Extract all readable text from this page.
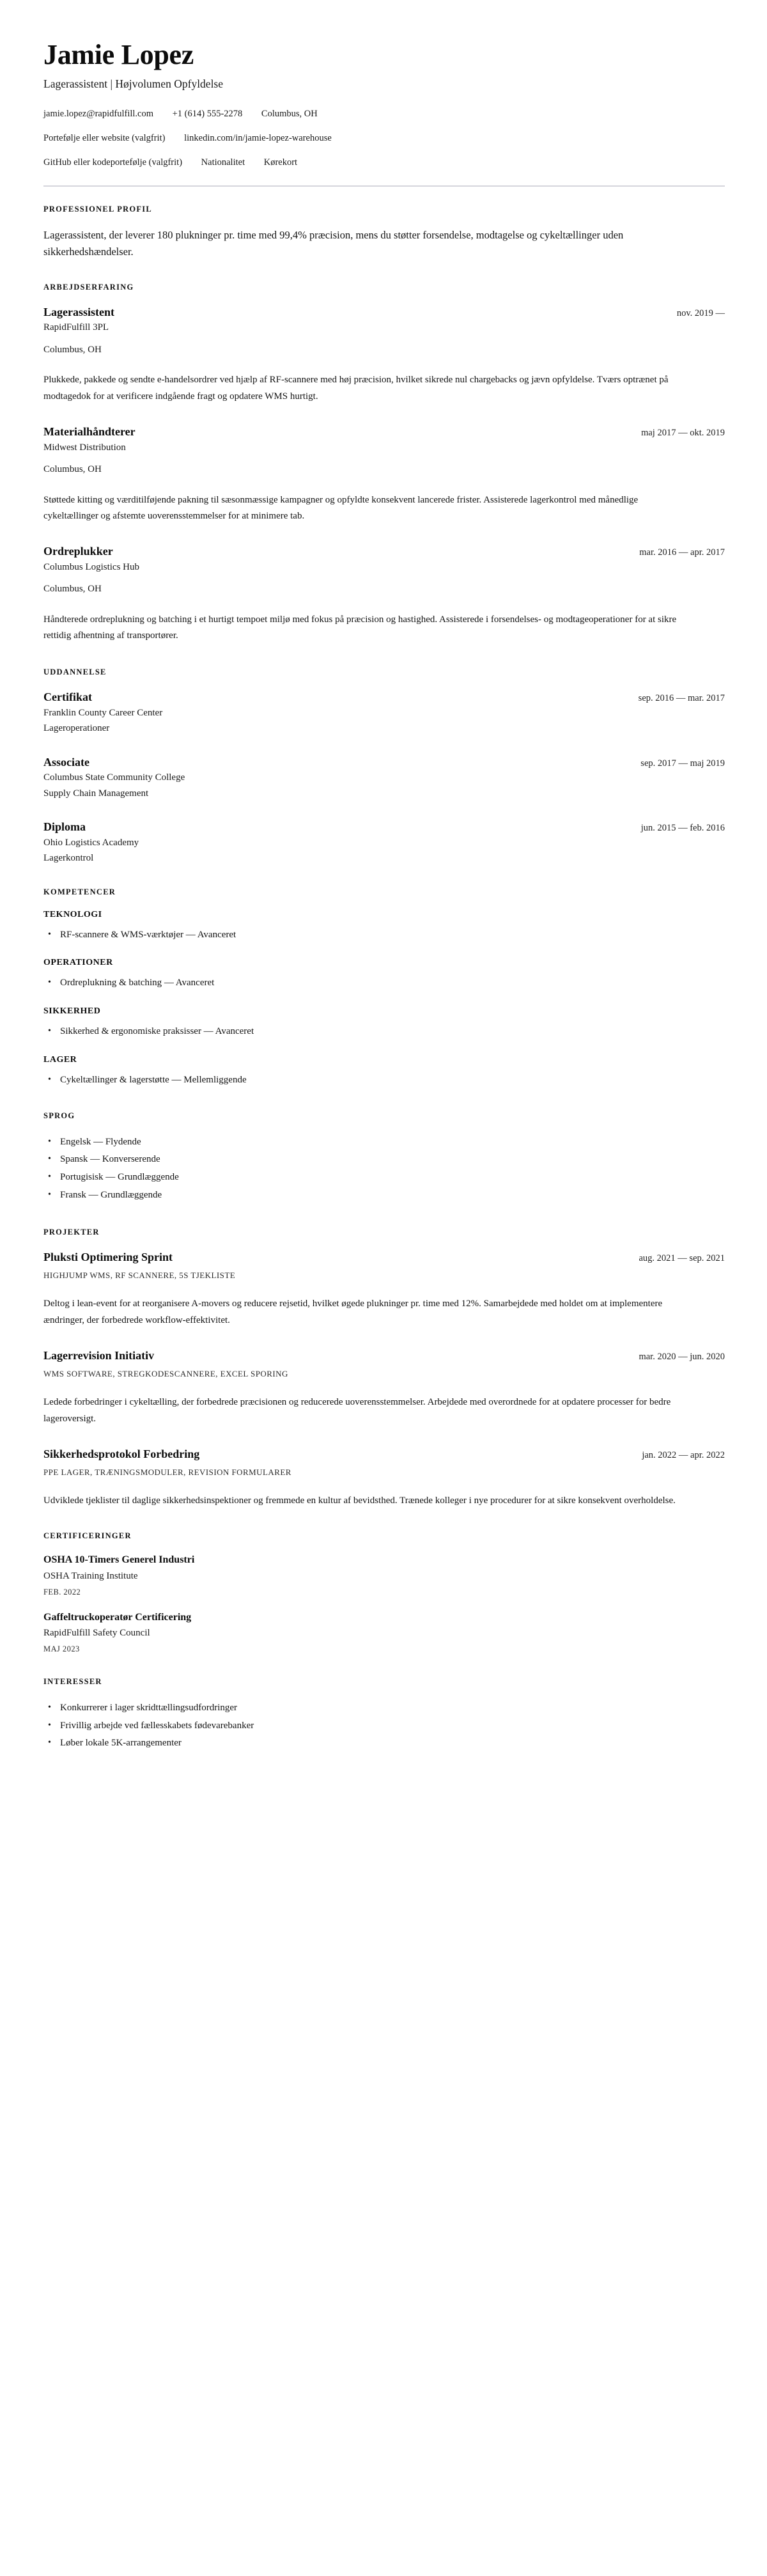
Jamie Lopez

Lagerassistent | Højvolumen Opfyldelse

jamie.lopez@rapidfulfill.com +1 (614) 555-2278 Columbus, OH
Portefølje eller website (valgfrit) linkedin.com/in/jamie-lopez-warehouse
GitHub eller kodeportefølje (valgfrit) Nationalitet Kørekort
PROFESSIONEL PROFIL

Lagerassistent, der leverer 180 plukninger pr. time med 99,4% præcision, mens du støtter forsendelse, modtagelse og cykeltællinger uden sikkerhedshændelser.

ARBEJDSERFARING
Lagerassistent	nov. 2019 —

RapidFulfill 3PL

Columbus, OH

Plukkede, pakkede og sendte e-handelsordrer ved hjælp af RF-scannere med høj præcision, hvilket sikrede nul chargebacks og jævn opfyldelse. Tværs optrænet på modtagedok for at verificere indgående fragt og opdatere WMS hurtigt.

Materialhåndterer	maj 2017 — okt. 2019

Midwest Distribution

Columbus, OH

Støttede kitting og værditilføjende pakning til sæsonmæssige kampagner og opfyldte konsekvent lancerede frister. Assisterede lagerkontrol med månedlige cykeltællinger og afstemte uoverensstemmelser for at minimere tab.

Ordreplukker	mar. 2016 — apr. 2017

Columbus Logistics Hub

Columbus, OH

Håndterede ordreplukning og batching i et hurtigt tempoet miljø med fokus på præcision og hastighed. Assisterede i forsendelses- og modtageoperationer for at sikre rettidig afhentning af transportører.

UDDANNELSE
Certifikat	sep. 2016 — mar. 2017

Franklin County Career Center

Lageroperationer

Associate	sep. 2017 — maj 2019

Columbus State Community College

Supply Chain Management

Diploma	jun. 2015 — feb. 2016

Ohio Logistics Academy

Lagerkontrol

KOMPETENCER
TEKNOLOGI
• RF-scannere & WMS-værktøjer — Avanceret
OPERATIONER
• Ordreplukning & batching — Avanceret
SIKKERHED
• Sikkerhed & ergonomiske praksisser — Avanceret
LAGER
• Cykeltællinger & lagerstøtte — Mellemliggende
SPROG
• Engelsk — Flydende
• Spansk — Konverserende
• Portugisisk — Grundlæggende
• Fransk — Grundlæggende
PROJEKTER
Pluksti Optimering Sprint	aug. 2021 — sep. 2021

HIGHJUMP WMS, RF SCANNERE, 5S TJEKLISTE

Deltog i lean-event for at reorganisere A-movers og reducere rejsetid, hvilket øgede plukninger pr. time med 12%. Samarbejdede med holdet om at implementere ændringer, der forbedrede workflow-effektivitet.

Lagerrevision Initiativ	mar. 2020 — jun. 2020

WMS SOFTWARE, STREGKODESCANNERE, EXCEL SPORING

Ledede forbedringer i cykeltælling, der forbedrede præcisionen og reducerede uoverensstemmelser. Arbejdede med overordnede for at opdatere processer for bedre lageroversigt.

Sikkerhedsprotokol Forbedring	jan. 2022 — apr. 2022

PPE LAGER, TRÆNINGSMODULER, REVISION FORMULARER

Udviklede tjeklister til daglige sikkerhedsinspektioner og fremmede en kultur af bevidsthed. Trænede kolleger i nye procedurer for at sikre konsekvent overholdelse.

CERTIFICERINGER

OSHA 10-Timers Generel Industri

OSHA Training Institute

FEB. 2022

Gaffeltruckoperatør Certificering

RapidFulfill Safety Council

MAJ 2023

INTERESSER
• Konkurrerer i lager skridttællingsudfordringer
• Frivillig arbejde ved fællesskabets fødevarebanker
• Løber lokale 5K-arrangementer
